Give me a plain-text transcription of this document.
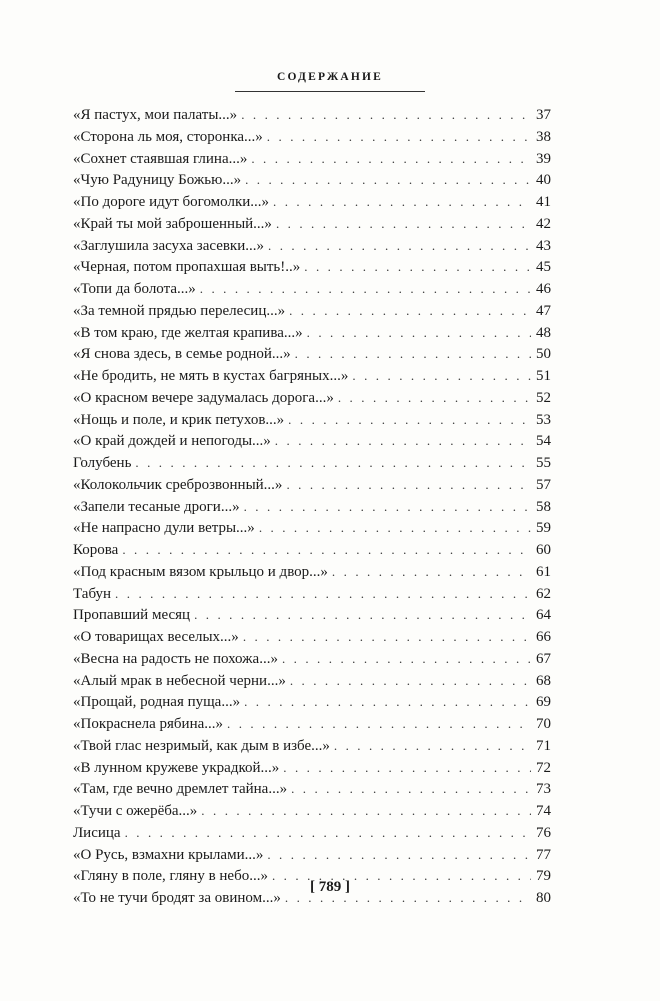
СОДЕРЖАНИЕ
«Я пастух, мои палаты...» . . .	37
«Сторона ль моя, сторонка...» . . .	38
«Сохнет стаявшая глина...» . . .	39
«Чую Радуницу Божью...» . . .	40
«По дороге идут богомолки...» . . .	41
«Край ты мой заброшенный...» . . .	42
«Заглушила засуха засевки...» . . .	43
«Черная, потом пропахшая выть!..» . . .	45
«Топи да болота...» . . .	46
«За темной прядью перелесиц...» . . .	47
«В том краю, где желтая крапива...» . . .	48
«Я снова здесь, в семье родной...» . . .	50
«Не бродить, не мять в кустах багряных...» . . .	51
«О красном вечере задумалась дорога...» . . .	52
«Нощь и поле, и крик петухов...» . . .	53
«О край дождей и непогоды...» . . .	54
Голубень . . .	55
«Колокольчик среброзвонный...» . . .	57
«Запели тесаные дроги...» . . .	58
«Не напрасно дули ветры...» . . .	59
Корова . . .	60
«Под красным вязом крыльцо и двор...» . . .	61
Табун . . .	62
Пропавший месяц . . .	64
«О товарищах веселых...» . . .	66
«Весна на радость не похожа...» . . .	67
«Алый мрак в небесной черни...» . . .	68
«Прощай, родная пуща...» . . .	69
«Покраснела рябина...» . . .	70
«Твой глас незримый, как дым в избе...» . . .	71
«В лунном кружеве украдкой...» . . .	72
«Там, где вечно дремлет тайна...» . . .	73
«Тучи с ожерёба...» . . .	74
Лисица . . .	76
«О Русь, взмахни крылами...» . . .	77
«Гляну в поле, гляну в небо...» . . .	79
«То не тучи бродят за овином...» . . .	80
[ 789 ]
